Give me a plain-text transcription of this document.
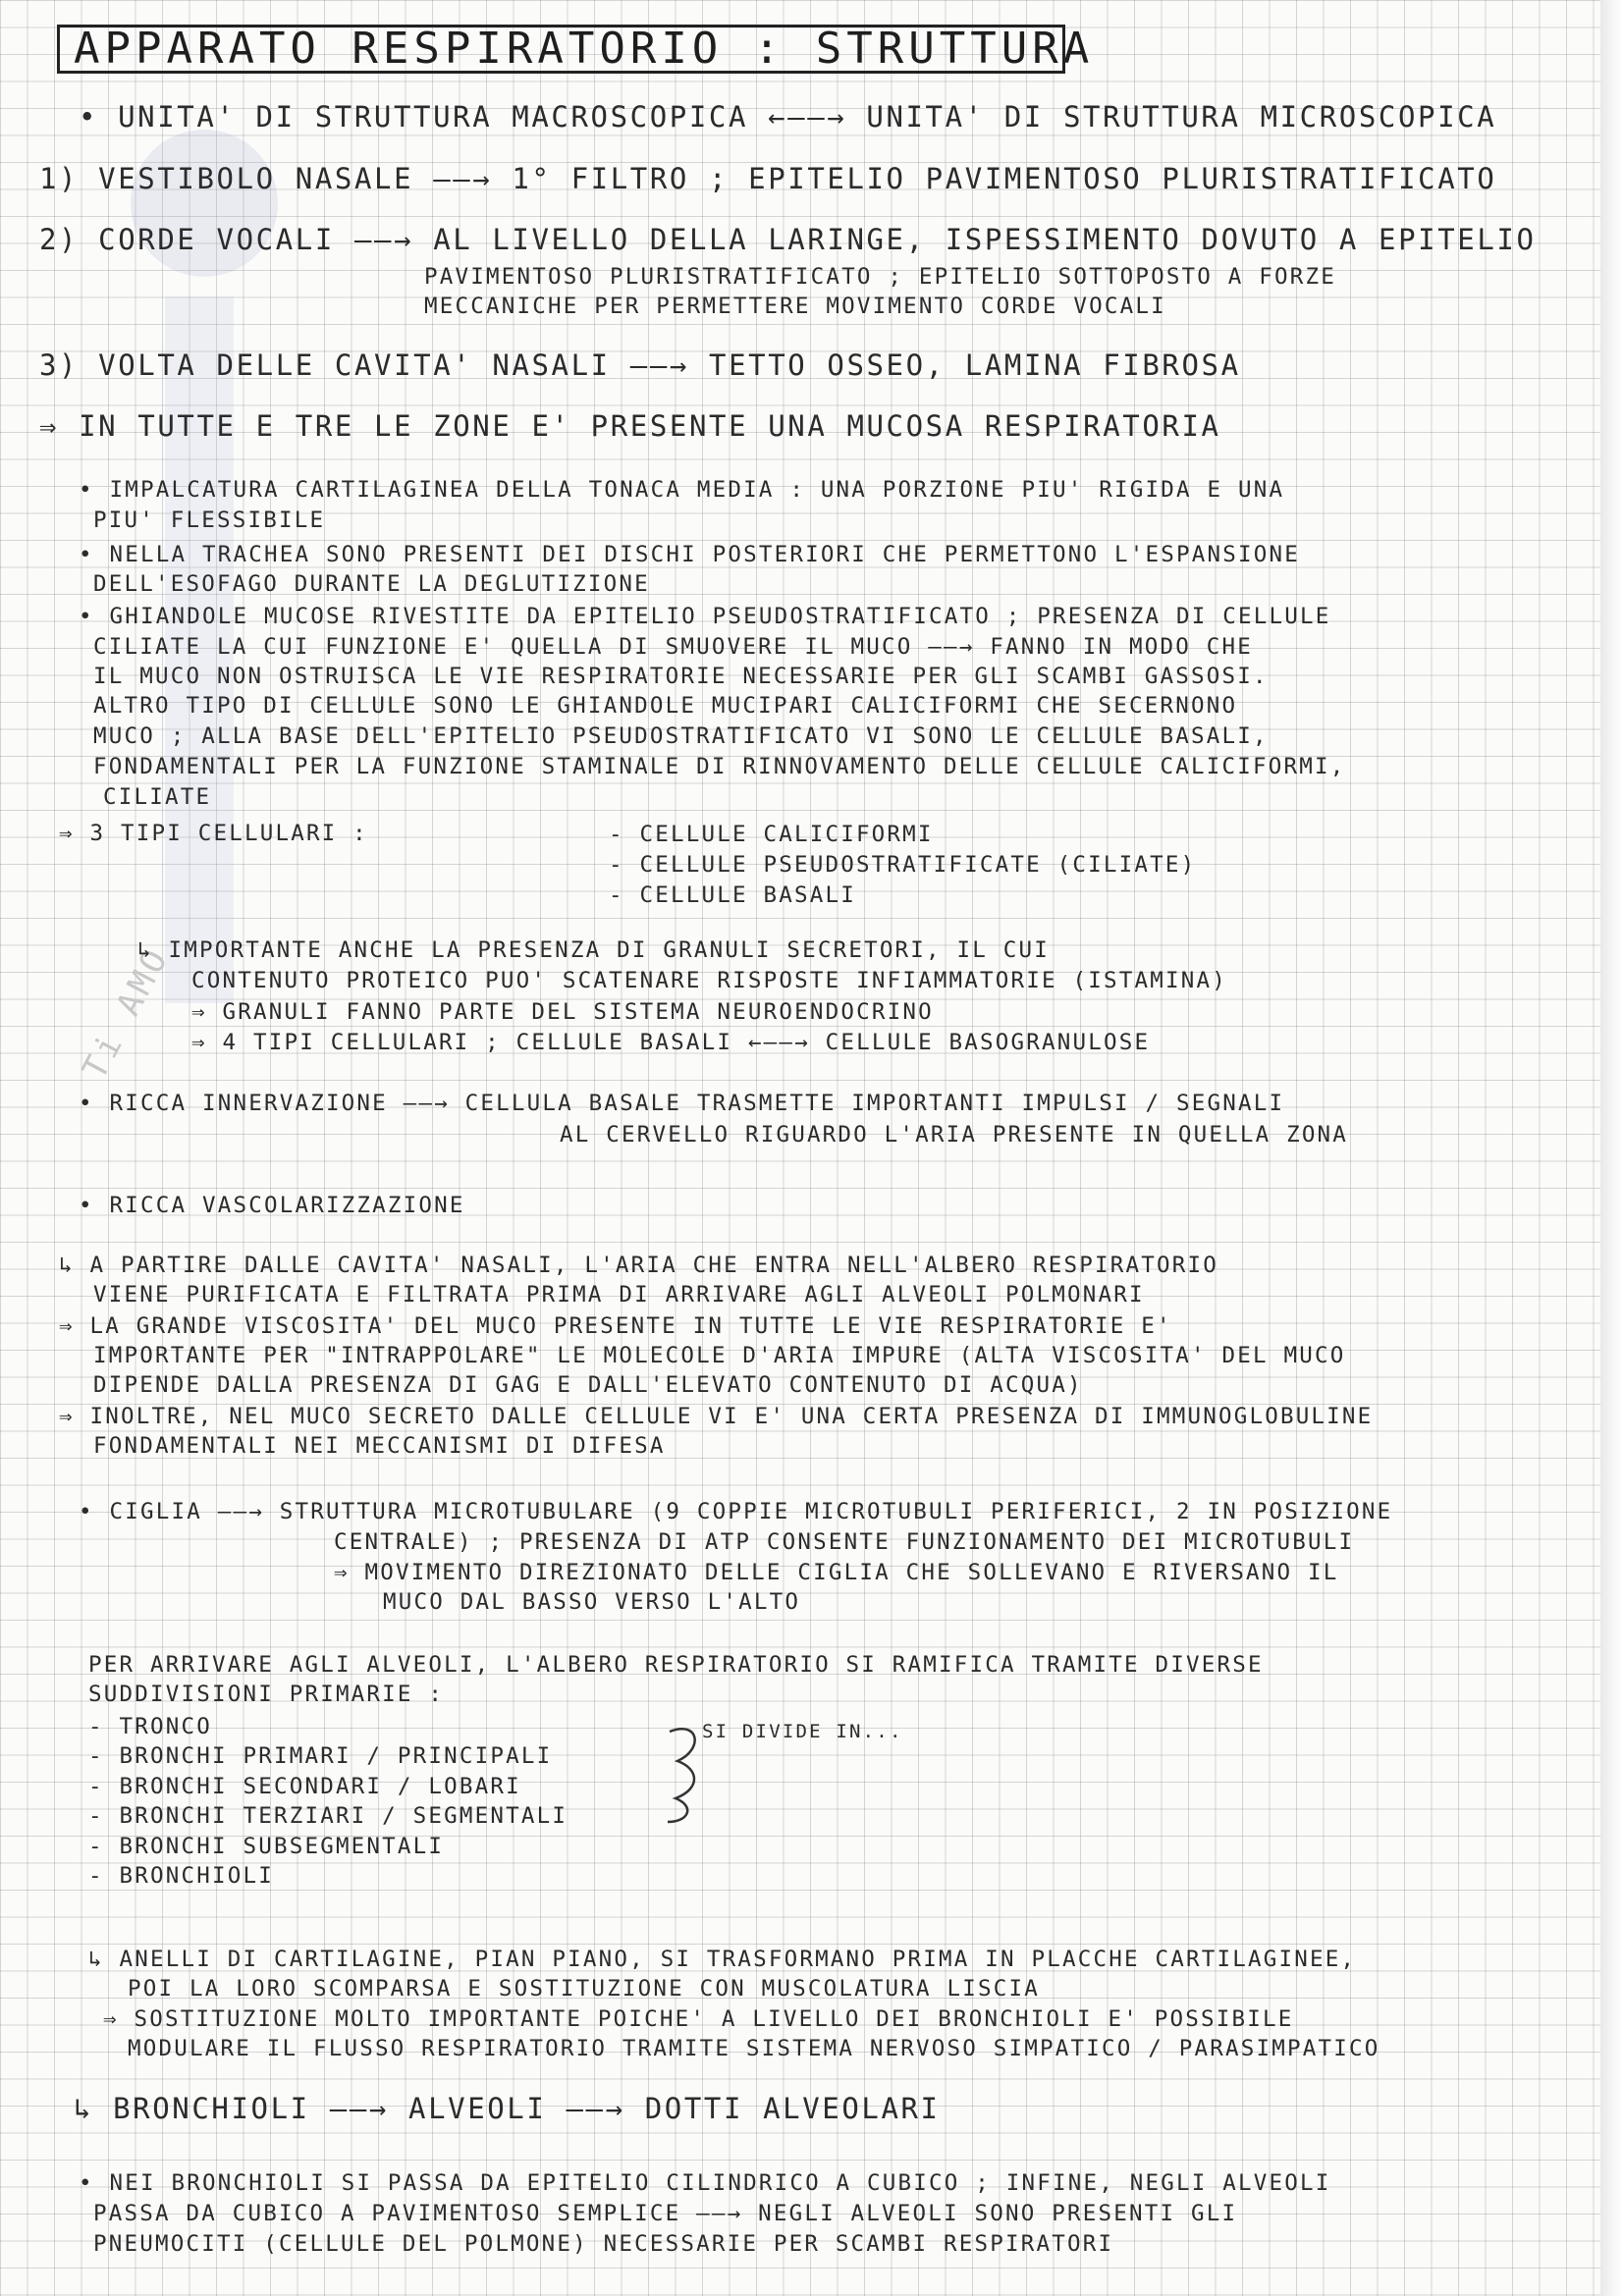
APPARATO RESPIRATORIO : STRUTTURA
Ti AMO
• UNITA' DI STRUTTURA MACROSCOPICA ←——→ UNITA' DI STRUTTURA MICROSCOPICA
1) VESTIBOLO NASALE ——→ 1° FILTRO ; EPITELIO PAVIMENTOSO PLURISTRATIFICATO
2) CORDE VOCALI ——→ AL LIVELLO DELLA LARINGE, ISPESSIMENTO DOVUTO A EPITELIO
PAVIMENTOSO PLURISTRATIFICATO ; EPITELIO SOTTOPOSTO A FORZE
MECCANICHE PER PERMETTERE MOVIMENTO CORDE VOCALI
3) VOLTA DELLE CAVITA' NASALI ——→ TETTO OSSEO, LAMINA FIBROSA
⇒ IN TUTTE E TRE LE ZONE E' PRESENTE UNA MUCOSA RESPIRATORIA
• IMPALCATURA CARTILAGINEA DELLA TONACA MEDIA : UNA PORZIONE PIU' RIGIDA E UNA
PIU' FLESSIBILE
• NELLA TRACHEA SONO PRESENTI DEI DISCHI POSTERIORI CHE PERMETTONO L'ESPANSIONE
DELL'ESOFAGO DURANTE LA DEGLUTIZIONE
• GHIANDOLE MUCOSE RIVESTITE DA EPITELIO PSEUDOSTRATIFICATO ; PRESENZA DI CELLULE
CILIATE LA CUI FUNZIONE E' QUELLA DI SMUOVERE IL MUCO ——→ FANNO IN MODO CHE
IL MUCO NON OSTRUISCA LE VIE RESPIRATORIE NECESSARIE PER GLI SCAMBI GASSOSI.
ALTRO TIPO DI CELLULE SONO LE GHIANDOLE MUCIPARI CALICIFORMI CHE SECERNONO
MUCO ; ALLA BASE DELL'EPITELIO PSEUDOSTRATIFICATO VI SONO LE CELLULE BASALI,
FONDAMENTALI PER LA FUNZIONE STAMINALE DI RINNOVAMENTO DELLE CELLULE CALICIFORMI,
CILIATE
⇒ 3 TIPI CELLULARI :	- CELLULE CALICIFORMI
- CELLULE PSEUDOSTRATIFICATE (CILIATE)
- CELLULE BASALI
↳ IMPORTANTE ANCHE LA PRESENZA DI GRANULI SECRETORI, IL CUI
CONTENUTO PROTEICO PUO' SCATENARE RISPOSTE INFIAMMATORIE (ISTAMINA)
⇒ GRANULI FANNO PARTE DEL SISTEMA NEUROENDOCRINO
⇒ 4 TIPI CELLULARI ; CELLULE BASALI ←——→ CELLULE BASOGRANULOSE
• RICCA INNERVAZIONE ——→ CELLULA BASALE TRASMETTE IMPORTANTI IMPULSI / SEGNALI
AL CERVELLO RIGUARDO L'ARIA PRESENTE IN QUELLA ZONA
• RICCA VASCOLARIZZAZIONE
↳ A PARTIRE DALLE CAVITA' NASALI, L'ARIA CHE ENTRA NELL'ALBERO RESPIRATORIO
VIENE PURIFICATA E FILTRATA PRIMA DI ARRIVARE AGLI ALVEOLI POLMONARI
⇒ LA GRANDE VISCOSITA' DEL MUCO PRESENTE IN TUTTE LE VIE RESPIRATORIE E'
IMPORTANTE PER "INTRAPPOLARE" LE MOLECOLE D'ARIA IMPURE (ALTA VISCOSITA' DEL MUCO
DIPENDE DALLA PRESENZA DI GAG E DALL'ELEVATO CONTENUTO DI ACQUA)
⇒ INOLTRE, NEL MUCO SECRETO DALLE CELLULE VI E' UNA CERTA PRESENZA DI IMMUNOGLOBULINE
FONDAMENTALI NEI MECCANISMI DI DIFESA
• CIGLIA ——→ STRUTTURA MICROTUBULARE (9 COPPIE MICROTUBULI PERIFERICI, 2 IN POSIZIONE
CENTRALE) ; PRESENZA DI ATP CONSENTE FUNZIONAMENTO DEI MICROTUBULI
⇒ MOVIMENTO DIREZIONATO DELLE CIGLIA CHE SOLLEVANO E RIVERSANO IL
MUCO DAL BASSO VERSO L'ALTO
PER ARRIVARE AGLI ALVEOLI, L'ALBERO RESPIRATORIO SI RAMIFICA TRAMITE DIVERSE
SUDDIVISIONI PRIMARIE :
- TRONCO
- BRONCHI PRIMARI / PRINCIPALI
- BRONCHI SECONDARI / LOBARI
- BRONCHI TERZIARI / SEGMENTALI
- BRONCHI SUBSEGMENTALI
- BRONCHIOLI
SI DIVIDE IN...
↳ ANELLI DI CARTILAGINE, PIAN PIANO, SI TRASFORMANO PRIMA IN PLACCHE CARTILAGINEE,
POI LA LORO SCOMPARSA E SOSTITUZIONE CON MUSCOLATURA LISCIA
⇒ SOSTITUZIONE MOLTO IMPORTANTE POICHE' A LIVELLO DEI BRONCHIOLI E' POSSIBILE
MODULARE IL FLUSSO RESPIRATORIO TRAMITE SISTEMA NERVOSO SIMPATICO / PARASIMPATICO
↳ BRONCHIOLI ——→ ALVEOLI ——→ DOTTI ALVEOLARI
• NEI BRONCHIOLI SI PASSA DA EPITELIO CILINDRICO A CUBICO ; INFINE, NEGLI ALVEOLI
PASSA DA CUBICO A PAVIMENTOSO SEMPLICE ——→ NEGLI ALVEOLI SONO PRESENTI GLI
PNEUMOCITI (CELLULE DEL POLMONE) NECESSARIE PER SCAMBI RESPIRATORI
